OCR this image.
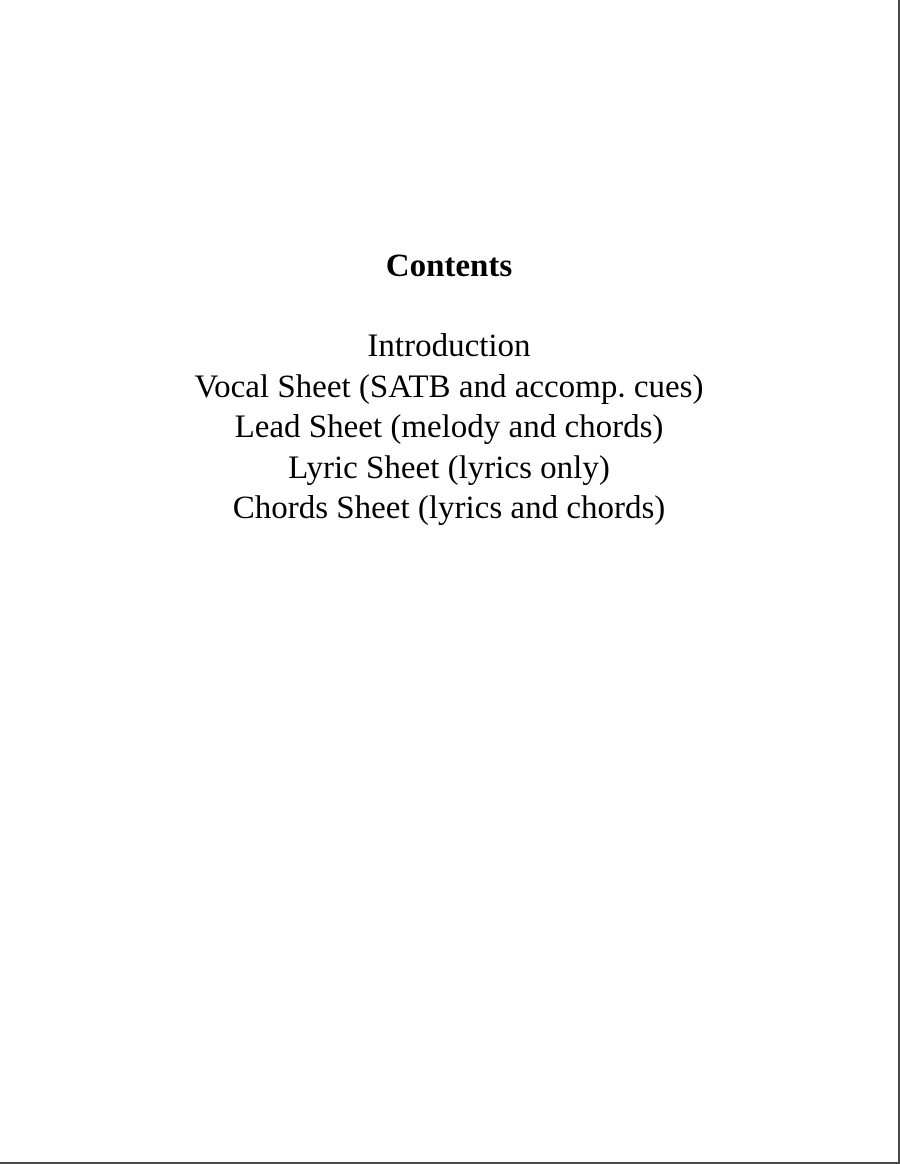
Contents
Introduction
Vocal Sheet (SATB and accomp. cues)
Lead Sheet (melody and chords)
Lyric Sheet (lyrics only)
Chords Sheet (lyrics and chords)
